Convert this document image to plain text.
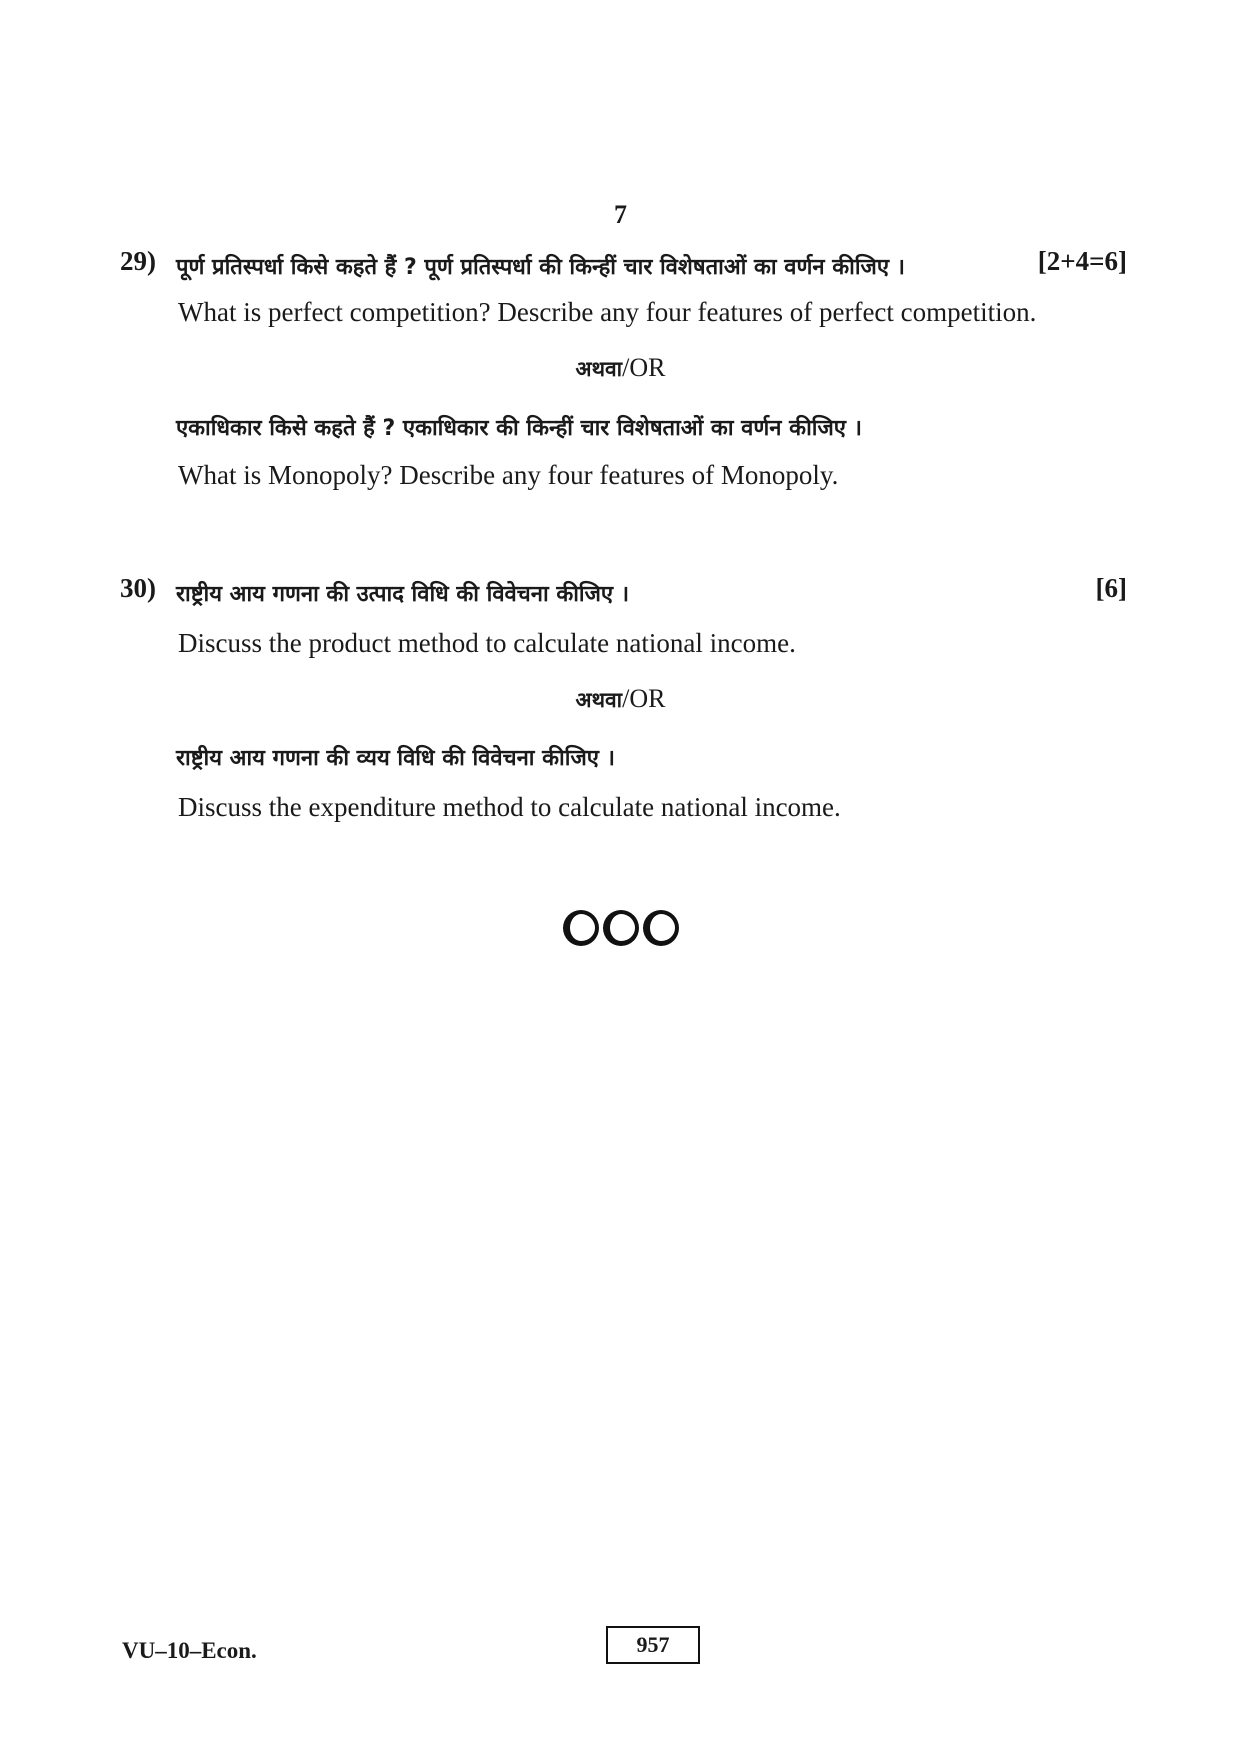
7
29) पूर्ण प्रतिस्पर्धा किसे कहते हैं ? पूर्ण प्रतिस्पर्धा की किन्हीं चार विशेषताओं का वर्णन कीजिए ।	[2+4=6]
What is perfect competition? Describe any four features of perfect competition.
अथवा/OR
एकाधिकार किसे कहते हैं ? एकाधिकार की किन्हीं चार विशेषताओं का वर्णन कीजिए ।
What is Monopoly? Describe any four features of Monopoly.
30) राष्ट्रीय आय गणना की उत्पाद विधि की विवेचना कीजिए ।	[6]
Discuss the product method to calculate national income.
अथवा/OR
राष्ट्रीय आय गणना की व्यय विधि की विवेचना कीजिए ।
Discuss the expenditure method to calculate national income.
VU–10–Econ.	957
